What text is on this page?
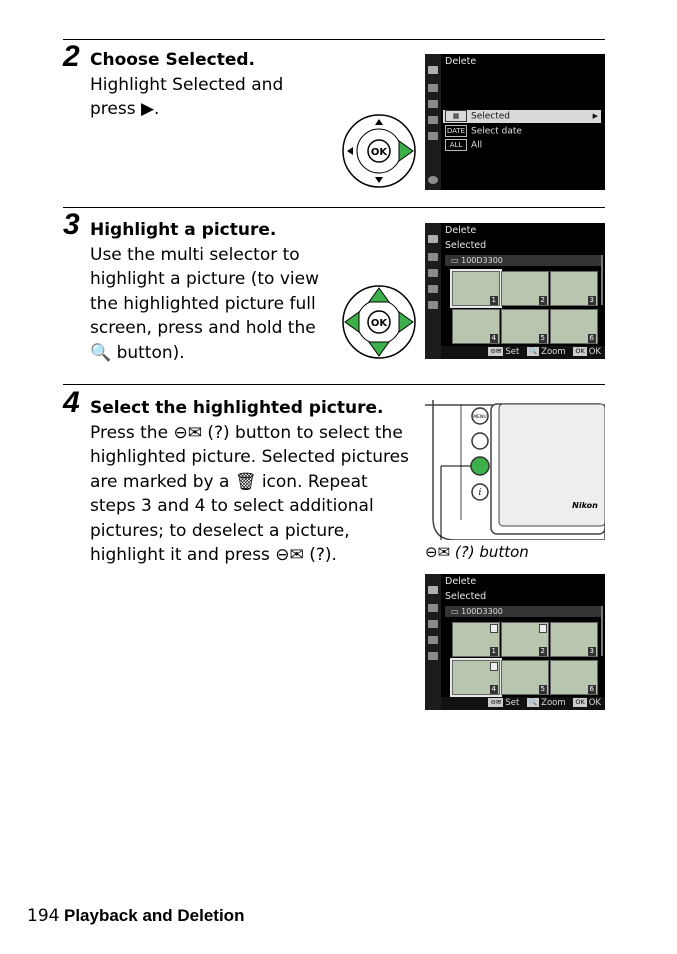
2 Choose Selected.
Highlight Selected and press ▶.
OK
Delete
▦ Selected	▶
DATE Select date
ALL All
3 Highlight a picture.
Use the multi selector to highlight a picture (to view the highlighted picture full screen, press and hold the 🔍 button).
OK
Delete
Selected
▭ 100D3300
1	2	3
4	5	6
⊖✉ Set 🔍 Zoom OK OK
4 Select the highlighted picture.
Press the ⊖✉ (?) button to select the highlighted picture. Selected pictures are marked by a 🗑 icon. Repeat steps 3 and 4 to select additional pictures; to deselect a picture, highlight it and press ⊖✉ (?).
MENU
i
Nikon
⊖✉ (?) button
Delete
Selected
▭ 100D3300
1	2	3
4	5	6
⊖✉ Set 🔍 Zoom OK OK
194 Playback and Deletion
